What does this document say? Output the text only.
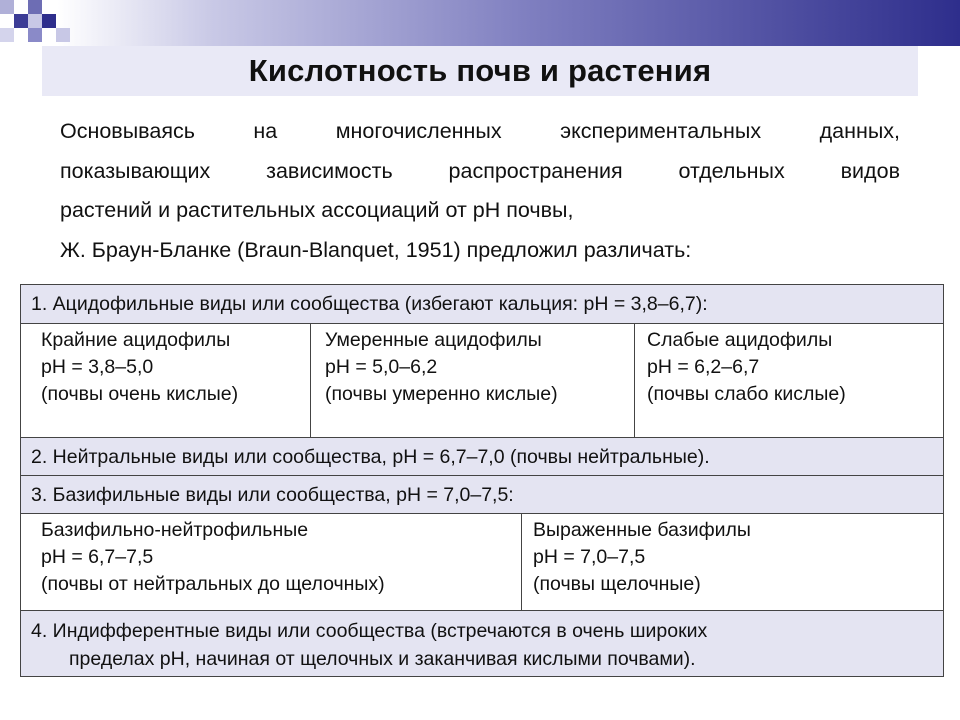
Кислотность почв и растения
Основываясь на многочисленных экспериментальных данных,
показывающих зависимость распространения отдельных видов
растений и растительных ассоциаций от рН почвы,
Ж. Браун-Бланке (Braun-Blanquet, 1951) предложил различать:
1. Ацидофильные виды или сообщества (избегают кальция: рН = 3,8–6,7):
Крайние ацидофилы
рН = 3,8–5,0
(почвы очень кислые)
Умеренные ацидофилы
рН = 5,0–6,2
(почвы умеренно кислые)
Слабые ацидофилы
рН = 6,2–6,7
(почвы слабо кислые)
2. Нейтральные виды или сообщества, рН = 6,7–7,0 (почвы нейтральные).
3. Базифильные виды или сообщества, рН = 7,0–7,5:
Базифильно-нейтрофильные
рН = 6,7–7,5
(почвы от нейтральных до щелочных)
Выраженные базифилы
рН = 7,0–7,5
(почвы щелочные)
4. Индифферентные виды или сообщества (встречаются в очень широких
пределах рН, начиная от щелочных и заканчивая кислыми почвами).
